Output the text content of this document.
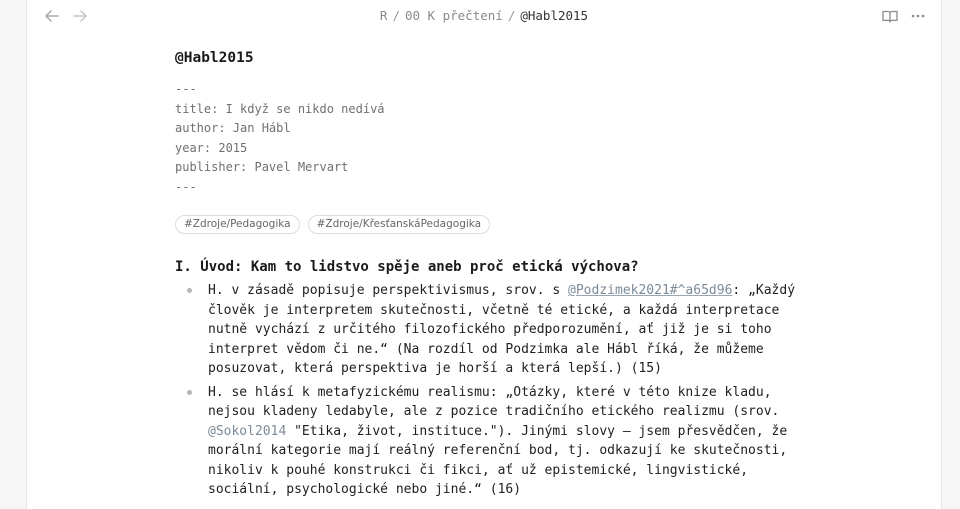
R / 00 K přečtení / @Habl2015
@Habl2015
---
title: I když se nikdo nedívá
author: Jan Hábl
year: 2015
publisher: Pavel Mervart
---
#Zdroje/Pedagogika	#Zdroje/KřesťanskáPedagogika
I. Úvod: Kam to lidstvo spěje aneb proč etická výchova?
H. v zásadě popisuje perspektivismus, srov. s @Podzimek2021#^a65d96: „Každý
člověk je interpretem skutečnosti, včetně té etické, a každá interpretace
nutně vychází z určitého filozofického předporozumění, ať již je si toho
interpret vědom či ne.“ (Na rozdíl od Podzimka ale Hábl říká, že můžeme
posuzovat, která perspektiva je horší a která lepší.) (15)
H. se hlásí k metafyzickému realismu: „Otázky, které v této knize kladu,
nejsou kladeny ledabyle, ale z pozice tradičního etického realizmu (srov.
@Sokol2014 "Etika, život, instituce."). Jinými slovy – jsem přesvědčen, že
morální kategorie mají reálný referenční bod, tj. odkazují ke skutečnosti,
nikoliv k pouhé konstrukci či fikci, ať už epistemické, lingvistické,
sociální, psychologické nebo jiné.“ (16)
